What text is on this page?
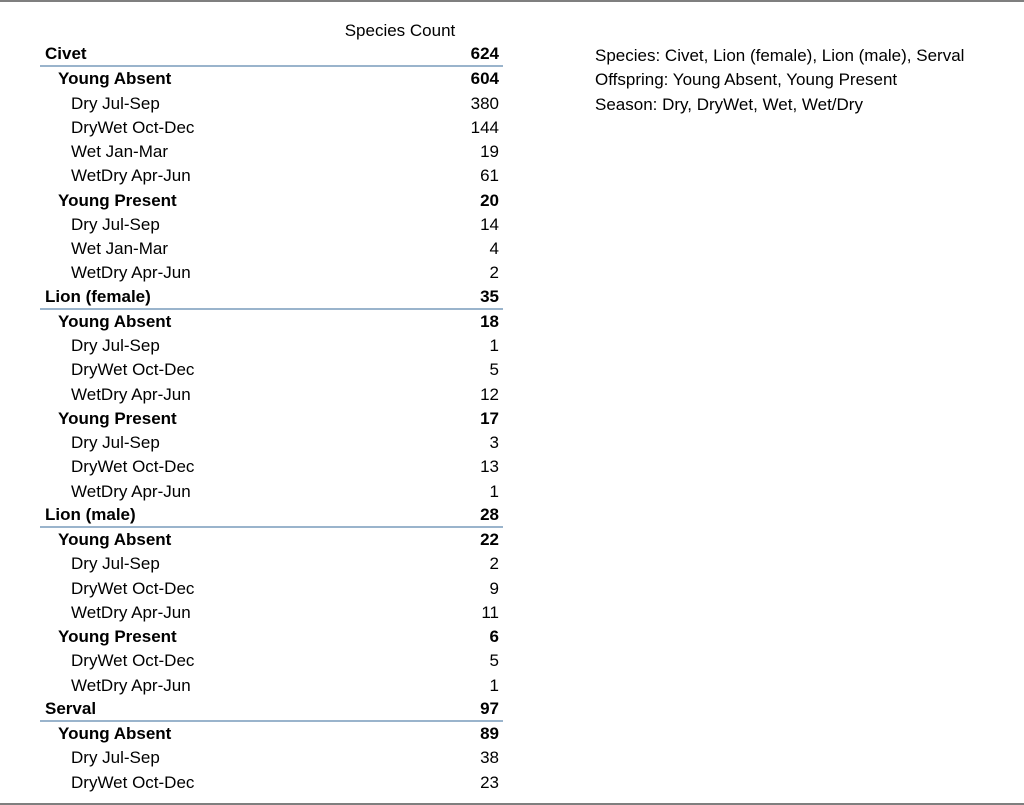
Species Count
Civet	624
Young Absent	604
Dry Jul-Sep	380
DryWet Oct-Dec	144
Wet Jan-Mar	19
WetDry Apr-Jun	61
Young Present	20
Dry Jul-Sep	14
Wet Jan-Mar	4
WetDry Apr-Jun	2
Lion (female)	35
Young Absent	18
Dry Jul-Sep	1
DryWet Oct-Dec	5
WetDry Apr-Jun	12
Young Present	17
Dry Jul-Sep	3
DryWet Oct-Dec	13
WetDry Apr-Jun	1
Lion (male)	28
Young Absent	22
Dry Jul-Sep	2
DryWet Oct-Dec	9
WetDry Apr-Jun	11
Young Present	6
DryWet Oct-Dec	5
WetDry Apr-Jun	1
Serval	97
Young Absent	89
Dry Jul-Sep	38
DryWet Oct-Dec	23
Species: Civet, Lion (female), Lion (male), Serval
Offspring: Young Absent, Young Present
Season: Dry, DryWet, Wet, Wet/Dry
